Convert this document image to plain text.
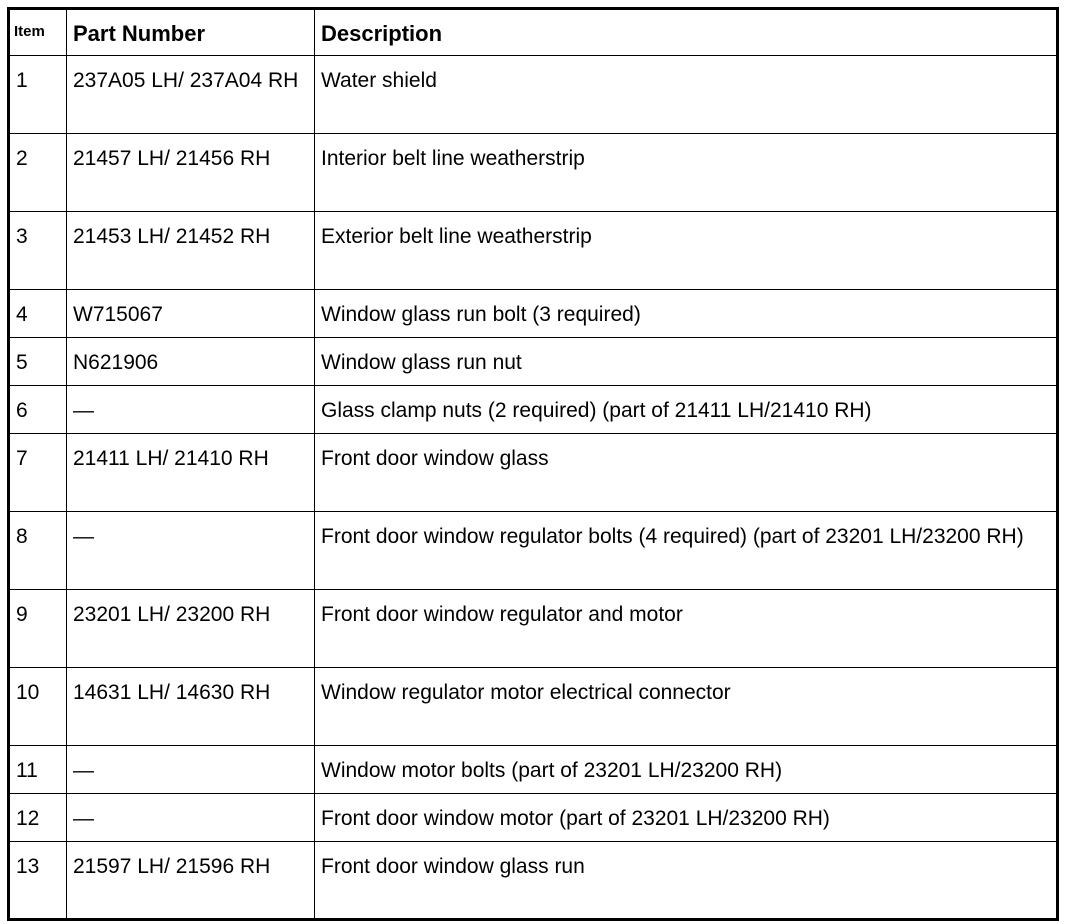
Item	Part Number	Description
1	237A05 LH/ 237A04 RH	Water shield
2	21457 LH/ 21456 RH	Interior belt line weatherstrip
3	21453 LH/ 21452 RH	Exterior belt line weatherstrip
4	W715067	Window glass run bolt (3 required)
5	N621906	Window glass run nut
6	—	Glass clamp nuts (2 required) (part of 21411 LH/21410 RH)
7	21411 LH/ 21410 RH	Front door window glass
8	—	Front door window regulator bolts (4 required) (part of 23201 LH/23200 RH)
9	23201 LH/ 23200 RH	Front door window regulator and motor
10	14631 LH/ 14630 RH	Window regulator motor electrical connector
11	—	Window motor bolts (part of 23201 LH/23200 RH)
12	—	Front door window motor (part of 23201 LH/23200 RH)
13	21597 LH/ 21596 RH	Front door window glass run
